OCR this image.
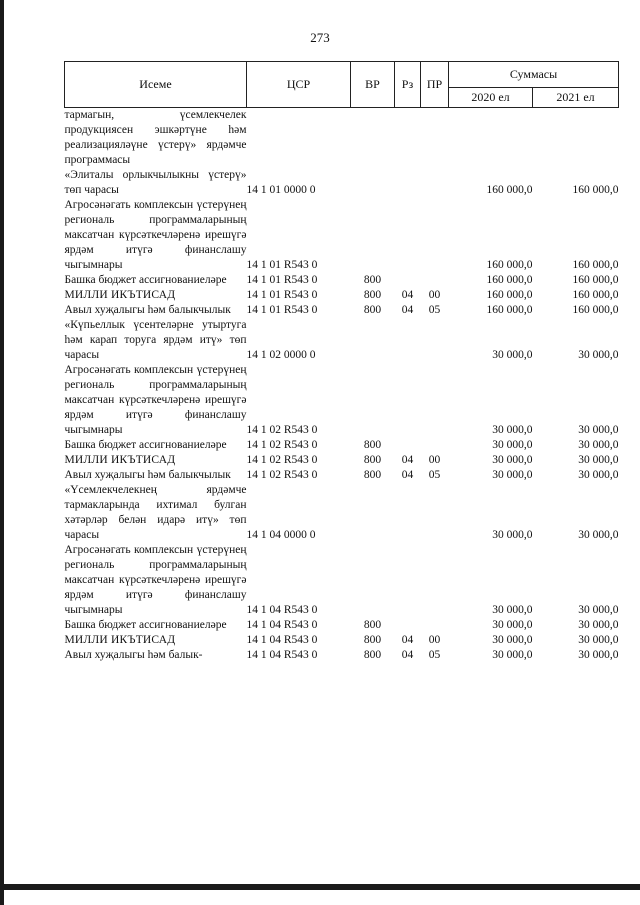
273
Исеме	ЦСР	ВР	Рз	ПР	Суммасы	
					2020 ел	2021 ел
тармагын, үсемлекчелек продукциясен эшкәртүне һәм реализацияләүне үстерү» ярдәмче программасы						
«Элиталы орлыкчылыкны үстерү» төп чарасы	14 1 01 0000 0				160 000,0	160 000,0
Агросәнәгать комплексын үстерүнең региональ программаларының максатчан күрсәткечләренә ирешүгә ярдәм итүгә финанслашу чыгымнары	14 1 01 R543 0				160 000,0	160 000,0
Башка бюджет ассигнованиеләре	14 1 01 R543 0	800			160 000,0	160 000,0
МИЛЛИ ИКЪТИСАД	14 1 01 R543 0	800	04	00	160 000,0	160 000,0
Авыл хуҗалыгы һәм балыкчылык	14 1 01 R543 0	800	04	05	160 000,0	160 000,0
«Күпьеллык үсентеләрне утыртуга һәм карап торуга ярдәм итү» төп чарасы	14 1 02 0000 0				30 000,0	30 000,0
Агросәнәгать комплексын үстерүнең региональ программаларының максатчан күрсәткечләренә ирешүгә ярдәм итүгә финанслашу чыгымнары	14 1 02 R543 0				30 000,0	30 000,0
Башка бюджет ассигнованиеләре	14 1 02 R543 0	800			30 000,0	30 000,0
МИЛЛИ ИКЪТИСАД	14 1 02 R543 0	800	04	00	30 000,0	30 000,0
Авыл хуҗалыгы һәм балыкчылык	14 1 02 R543 0	800	04	05	30 000,0	30 000,0
«Үсемлекчелекнең ярдәмче тармакларында ихтимал булган хәтәрләр белән идарә итү» төп чарасы	14 1 04 0000 0				30 000,0	30 000,0
Агросәнәгать комплексын үстерүнең региональ программаларының максатчан күрсәткечләренә ирешүгә ярдәм итүгә финанслашу чыгымнары	14 1 04 R543 0				30 000,0	30 000,0
Башка бюджет ассигнованиеләре	14 1 04 R543 0	800			30 000,0	30 000,0
МИЛЛИ ИКЪТИСАД	14 1 04 R543 0	800	04	00	30 000,0	30 000,0
Авыл хуҗалыгы һәм балык-	14 1 04 R543 0	800	04	05	30 000,0	30 000,0
